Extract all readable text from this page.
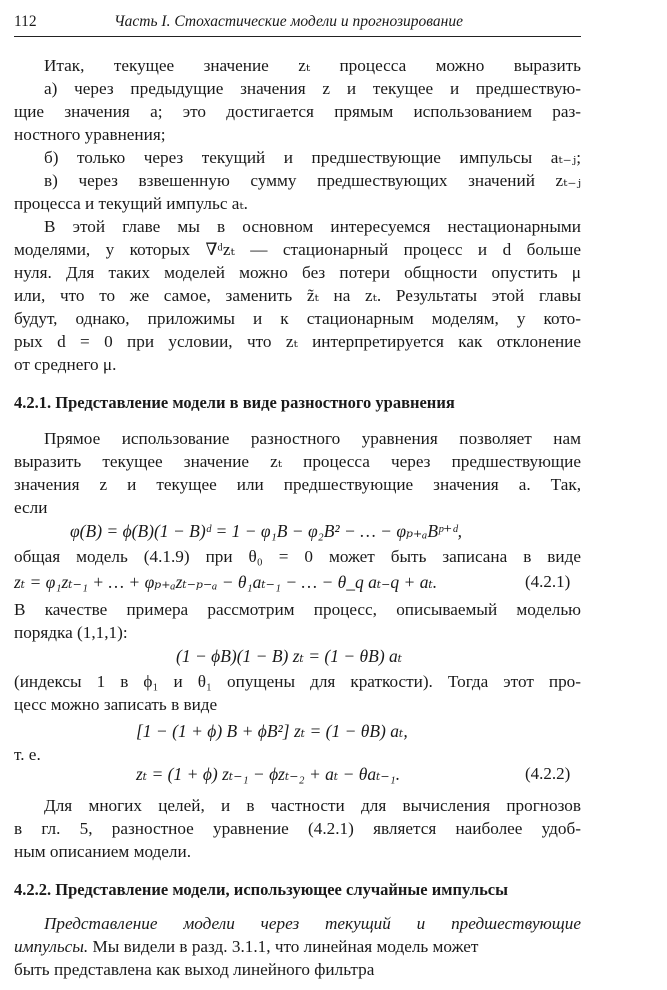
112	Часть I. Стохастические модели и прогнозирование
Итак, текущее значение zₜ процесса можно выразить
а) через предыдущие значения z и текущее и предшествую-
щие значения a; это достигается прямым использованием раз-
ностного уравнения;
б) только через текущий и предшествующие импульсы aₜ₋ⱼ;
в) через взвешенную сумму предшествующих значений zₜ₋ⱼ
процесса и текущий импульс aₜ.
В этой главе мы в основном интересуемся нестационарными
моделями, у которых ∇ᵈzₜ — стационарный процесс и d больше
нуля. Для таких моделей можно без потери общности опустить μ
или, что то же самое, заменить z̃ₜ на zₜ. Результаты этой главы
будут, однако, приложимы и к стационарным моделям, у кото-
рых d = 0 при условии, что zₜ интерпретируется как отклонение
от среднего μ.
4.2.1. Представление модели в виде разностного уравнения
Прямое использование разностного уравнения позволяет нам
выразить текущее значение zₜ процесса через предшествующие
значения z и текущее или предшествующие значения a. Так,
если
φ(B) = ϕ(B)(1 − B)ᵈ = 1 − φ₁B − φ₂B² − … − φₚ₊ₐBᵖ⁺ᵈ,
общая модель (4.1.9) при θ₀ = 0 может быть записана в виде
zₜ = φ₁zₜ₋₁ + … + φₚ₊ₐzₜ₋ₚ₋ₐ − θ₁aₜ₋₁ − … − θ_q aₜ₋q + aₜ.	(4.2.1)
В качестве примера рассмотрим процесс, описываемый моделью
порядка (1,1,1):
(1 − ϕB)(1 − B) zₜ = (1 − θB) aₜ
(индексы 1 в ϕ₁ и θ₁ опущены для краткости). Тогда этот про-
цесс можно записать в виде
[1 − (1 + ϕ) B + ϕB²] zₜ = (1 − θB) aₜ,
т. е.
zₜ = (1 + ϕ) zₜ₋₁ − ϕzₜ₋₂ + aₜ − θaₜ₋₁.	(4.2.2)
Для многих целей, и в частности для вычисления прогнозов
в гл. 5, разностное уравнение (4.2.1) является наиболее удоб-
ным описанием модели.
4.2.2. Представление модели, использующее случайные импульсы
Представление модели через текущий и предшествующие
импульсы. Мы видели в разд. 3.1.1, что линейная модель может
быть представлена как выход линейного фильтра
